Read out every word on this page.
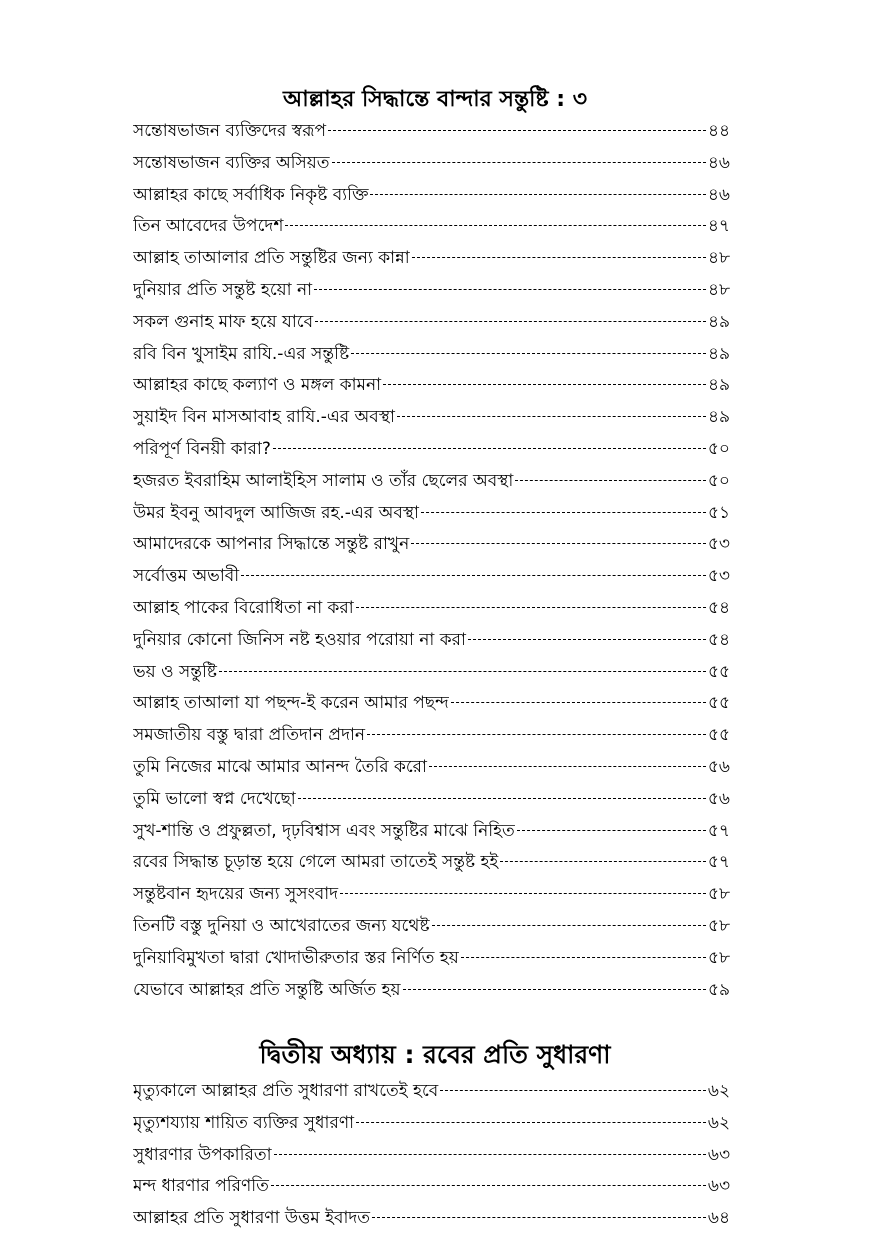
আল্লাহর সিদ্ধান্তে বান্দার সন্তুষ্টি : ৩
সন্তোষভাজন ব্যক্তিদের স্বরূপ	৪৪
সন্তোষভাজন ব্যক্তির অসিয়ত	৪৬
আল্লাহর কাছে সর্বাধিক নিকৃষ্ট ব্যক্তি	৪৬
তিন আবেদের উপদেশ	৪৭
আল্লাহ তাআলার প্রতি সন্তুষ্টির জন্য কান্না	৪৮
দুনিয়ার প্রতি সন্তুষ্ট হয়ো না	৪৮
সকল গুনাহ মাফ হয়ে যাবে	৪৯
রবি বিন খুসাইম রাযি.-এর সন্তুষ্টি	৪৯
আল্লাহর কাছে কল্যাণ ও মঙ্গল কামনা	৪৯
সুয়াইদ বিন মাসআবাহ রাযি.-এর অবস্থা	৪৯
পরিপূর্ণ বিনয়ী কারা?	৫০
হজরত ইবরাহিম আলাইহিস সালাম ও তাঁর ছেলের অবস্থা	৫০
উমর ইবনু আবদুল আজিজ রহ.-এর অবস্থা	৫১
আমাদেরকে আপনার সিদ্ধান্তে সন্তুষ্ট রাখুন	৫৩
সর্বোত্তম অভাবী	৫৩
আল্লাহ পাকের বিরোধিতা না করা	৫৪
দুনিয়ার কোনো জিনিস নষ্ট হওয়ার পরোয়া না করা	৫৪
ভয় ও সন্তুষ্টি	৫৫
আল্লাহ তাআলা যা পছন্দ-ই করেন আমার পছন্দ	৫৫
সমজাতীয় বস্তু দ্বারা প্রতিদান প্রদান	৫৫
তুমি নিজের মাঝে আমার আনন্দ তৈরি করো	৫৬
তুমি ভালো স্বপ্ন দেখেছো	৫৬
সুখ-শান্তি ও প্রফুল্লতা, দৃঢ়বিশ্বাস এবং সন্তুষ্টির মাঝে নিহিত	৫৭
রবের সিদ্ধান্ত চূড়ান্ত হয়ে গেলে আমরা তাতেই সন্তুষ্ট হই	৫৭
সন্তুষ্টবান হৃদয়ের জন্য সুসংবাদ	৫৮
তিনটি বস্তু দুনিয়া ও আখেরাতের জন্য যথেষ্ট	৫৮
দুনিয়াবিমুখতা দ্বারা খোদাভীরুতার স্তর নির্ণিত হয়	৫৮
যেভাবে আল্লাহর প্রতি সন্তুষ্টি অর্জিত হয়	৫৯
দ্বিতীয় অধ্যায় : রবের প্রতি সুধারণা
মৃত্যুকালে আল্লাহর প্রতি সুধারণা রাখতেই হবে	৬২
মৃত্যুশয্যায় শায়িত ব্যক্তির সুধারণা	৬২
সুধারণার উপকারিতা	৬৩
মন্দ ধারণার পরিণতি	৬৩
আল্লাহর প্রতি সুধারণা উত্তম ইবাদত	৬৪
